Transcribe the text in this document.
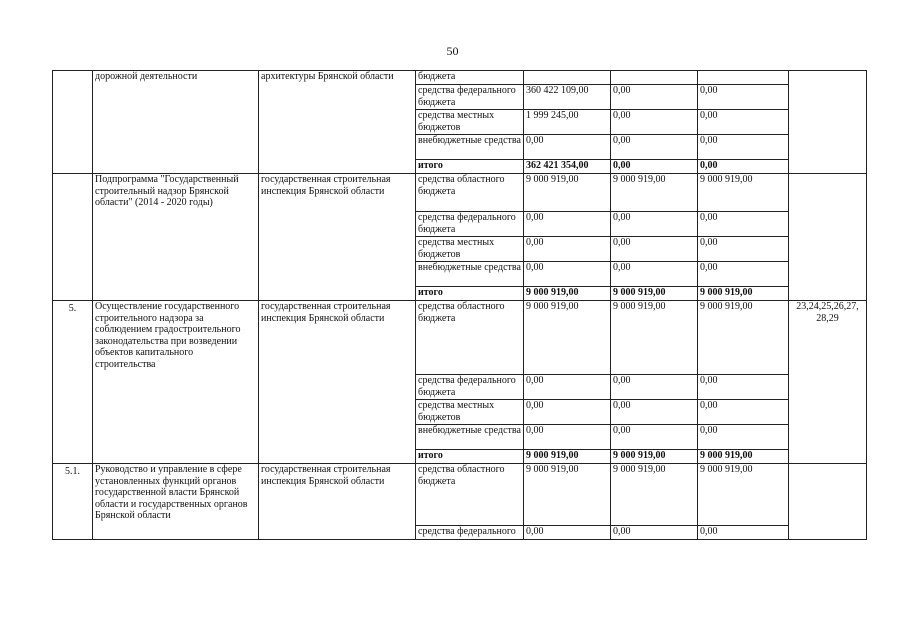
50
	дорожной деятельности	архитектуры Брянской области	бюджета				
			средства федерального бюджета	360 422 109,00	0,00	0,00	
			средства местных бюджетов	1 999 245,00	0,00	0,00	
			внебюджетные средства	0,00	0,00	0,00	
			итого	362 421 354,00	0,00	0,00	
	Подпрограмма "Государственный строительный надзор Брянской области" (2014 - 2020 годы)	государственная строительная инспекция Брянской области	средства областного бюджета	9 000 919,00	9 000 919,00	9 000 919,00	
			средства федерального бюджета	0,00	0,00	0,00	
			средства местных бюджетов	0,00	0,00	0,00	
			внебюджетные средства	0,00	0,00	0,00	
			итого	9 000 919,00	9 000 919,00	9 000 919,00	
5.	Осуществление государственного строительного надзора за соблюдением градостроительного законодательства при возведении объектов капитального строительства	государственная строительная инспекция Брянской области	средства областного бюджета	9 000 919,00	9 000 919,00	9 000 919,00	23,24,25,26,27, 28,29
			средства федерального бюджета	0,00	0,00	0,00	
			средства местных бюджетов	0,00	0,00	0,00	
			внебюджетные средства	0,00	0,00	0,00	
			итого	9 000 919,00	9 000 919,00	9 000 919,00	
5.1.	Руководство и управление в сфере установленных функций органов государственной власти Брянской области и государственных органов Брянской области	государственная строительная инспекция Брянской области	средства областного бюджета	9 000 919,00	9 000 919,00	9 000 919,00	
			средства федерального	0,00	0,00	0,00	
